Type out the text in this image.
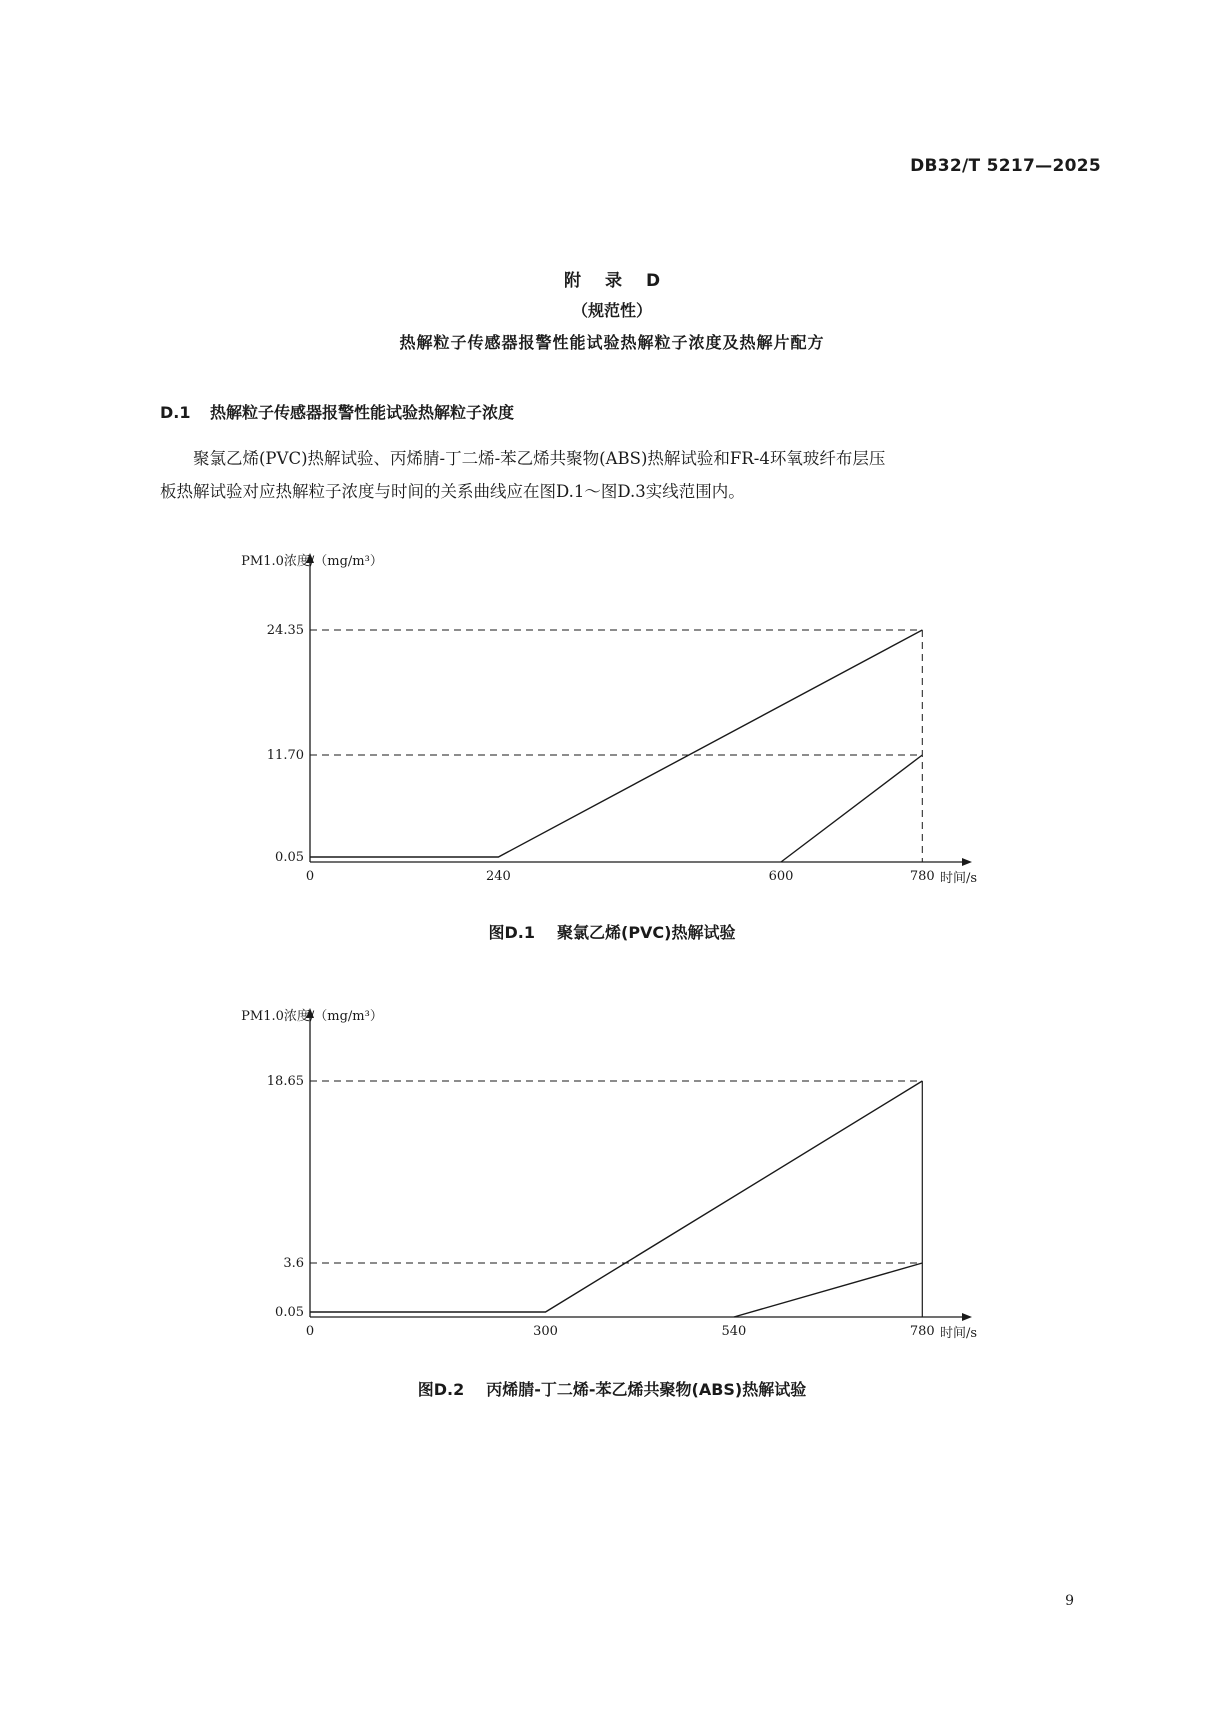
DB32/T 5217—2025
附 录 D
（规范性）
热解粒子传感器报警性能试验热解粒子浓度及热解片配方
D.1 热解粒子传感器报警性能试验热解粒子浓度
聚氯乙烯(PVC)热解试验、丙烯腈-丁二烯-苯乙烯共聚物(ABS)热解试验和FR-4环氧玻纤布层压
板热解试验对应热解粒子浓度与时间的关系曲线应在图D.1～图D.3实线范围内。
PM1.0浓度/（mg/m³）
时间/s
0.05
11.70
24.35
0	240	600	780
图D.1 聚氯乙烯(PVC)热解试验
PM1.0浓度/（mg/m³）
时间/s
0.05
3.6
18.65
0	300	540	780
图D.2 丙烯腈-丁二烯-苯乙烯共聚物(ABS)热解试验
9
